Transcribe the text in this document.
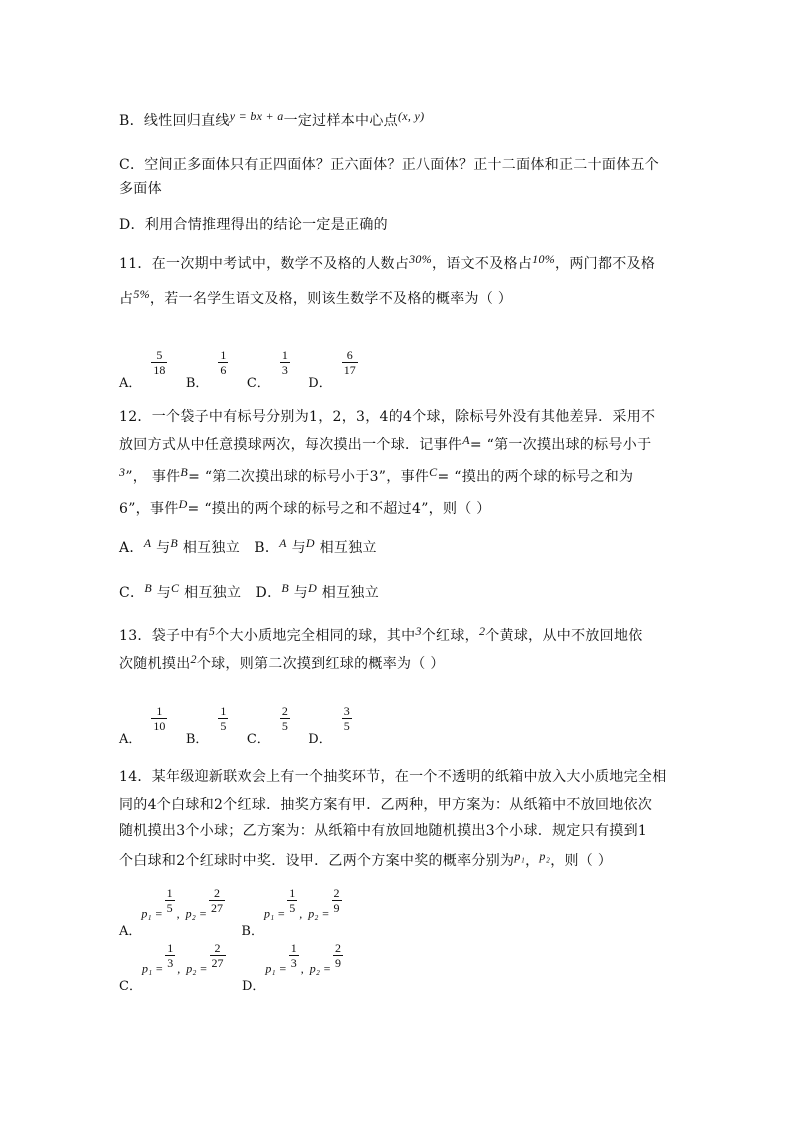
B．线性回归直线y = bx + a一定过样本中心点(x, y)
C．空间正多面体只有正四面体？正六面体？正八面体？正十二面体和正二十面体五个
多面体
D．利用合情推理得出的结论一定是正确的
11．在一次期中考试中，数学不及格的人数占30%，语文不及格占10%，两门都不及格
占5%，若一名学生语文及格，则该生数学不及格的概率为（ ）
A．
$\frac{5}{18}$
B．
$\frac{1}{6}$
C．
$\frac{1}{3}$
D．
$\frac{6}{17}$
12．一个袋子中有标号分别为1，2，3，4的4个球，除标号外没有其他差异．采用不
放回方式从中任意摸球两次，每次摸出一个球．记事件A= “第一次摸出球的标号小于
3”， 事件B= “第二次摸出球的标号小于3”，事件C= “摸出的两个球的标号之和为
6”，事件D= “摸出的两个球的标号之和不超过4”，则（ ）
A．A 与B 相互独立 B．A 与D 相互独立
C．B 与C 相互独立 D．B 与D 相互独立
13．袋子中有5个大小质地完全相同的球，其中3个红球，2个黄球，从中不放回地依
次随机摸出2个球，则第二次摸到红球的概率为（ ）
A．
$\frac{1}{10}$
B．
$\frac{1}{5}$
C．
$\frac{2}{5}$
D．
$\frac{3}{5}$
14．某年级迎新联欢会上有一个抽奖环节，在一个不透明的纸箱中放入大小质地完全相
同的4个白球和2个红球．抽奖方案有甲．乙两种，甲方案为：从纸箱中不放回地依次
随机摸出3个小球；乙方案为：从纸箱中有放回地随机摸出3个小球．规定只有摸到1
个白球和2个红球时中奖．设甲．乙两个方案中奖的概率分别为p₁，p₂，则（ ）
A．$p_1 = \frac{1}{5}$ ,  $p_2 = \frac{2}{27}$
B．$p_1 = \frac{1}{5}$ ,  $p_2 = \frac{2}{9}$
C．$p_1 = \frac{1}{3}$ ,  $p_2 = \frac{2}{27}$
D．$p_1 = \frac{1}{3}$ ,  $p_2 = \frac{2}{9}$
